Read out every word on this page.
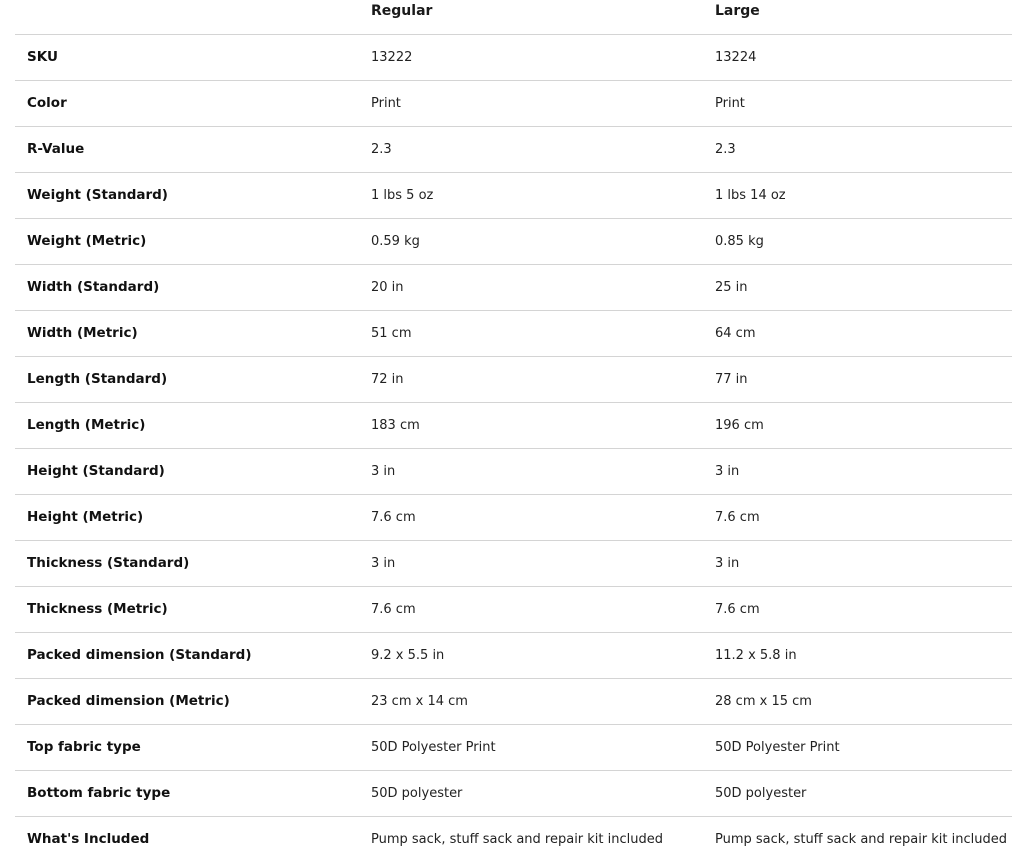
	Regular	Large
SKU	13222	13224
Color	Print	Print
R-Value	2.3	2.3
Weight (Standard)	1 lbs 5 oz	1 lbs 14 oz
Weight (Metric)	0.59 kg	0.85 kg
Width (Standard)	20 in	25 in
Width (Metric)	51 cm	64 cm
Length (Standard)	72 in	77 in
Length (Metric)	183 cm	196 cm
Height (Standard)	3 in	3 in
Height (Metric)	7.6 cm	7.6 cm
Thickness (Standard)	3 in	3 in
Thickness (Metric)	7.6 cm	7.6 cm
Packed dimension (Standard)	9.2 x 5.5 in	11.2 x 5.8 in
Packed dimension (Metric)	23 cm x 14 cm	28 cm x 15 cm
Top fabric type	50D Polyester Print	50D Polyester Print
Bottom fabric type	50D polyester	50D polyester
What's Included	Pump sack, stuff sack and repair kit included	Pump sack, stuff sack and repair kit included
